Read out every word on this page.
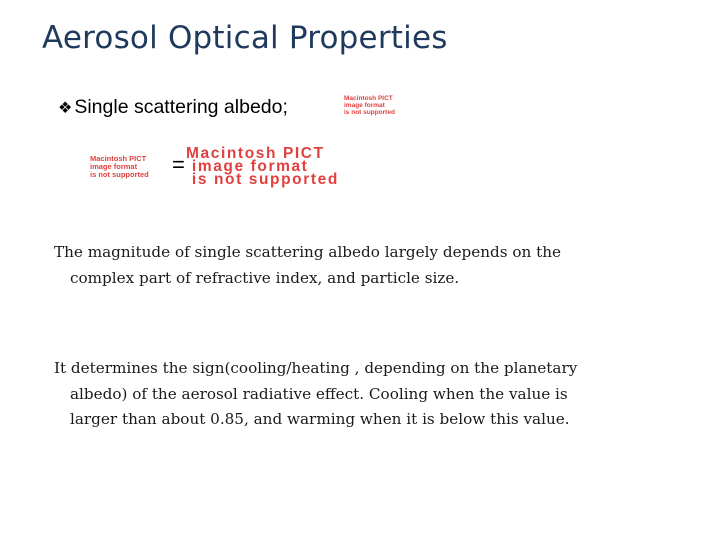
Aerosol Optical Properties
❖ Single scattering albedo;	Macintosh PICT
image format
is not supported
Macintosh PICT
image format
is not supported = Macintosh PICT
image format
is not supported
The magnitude of single scattering albedo largely depends on the
complex part of refractive index, and particle size.
It determines the sign(cooling/heating , depending on the planetary
albedo) of the aerosol radiative effect. Cooling when the value is
larger than about 0.85, and warming when it is below this value.
